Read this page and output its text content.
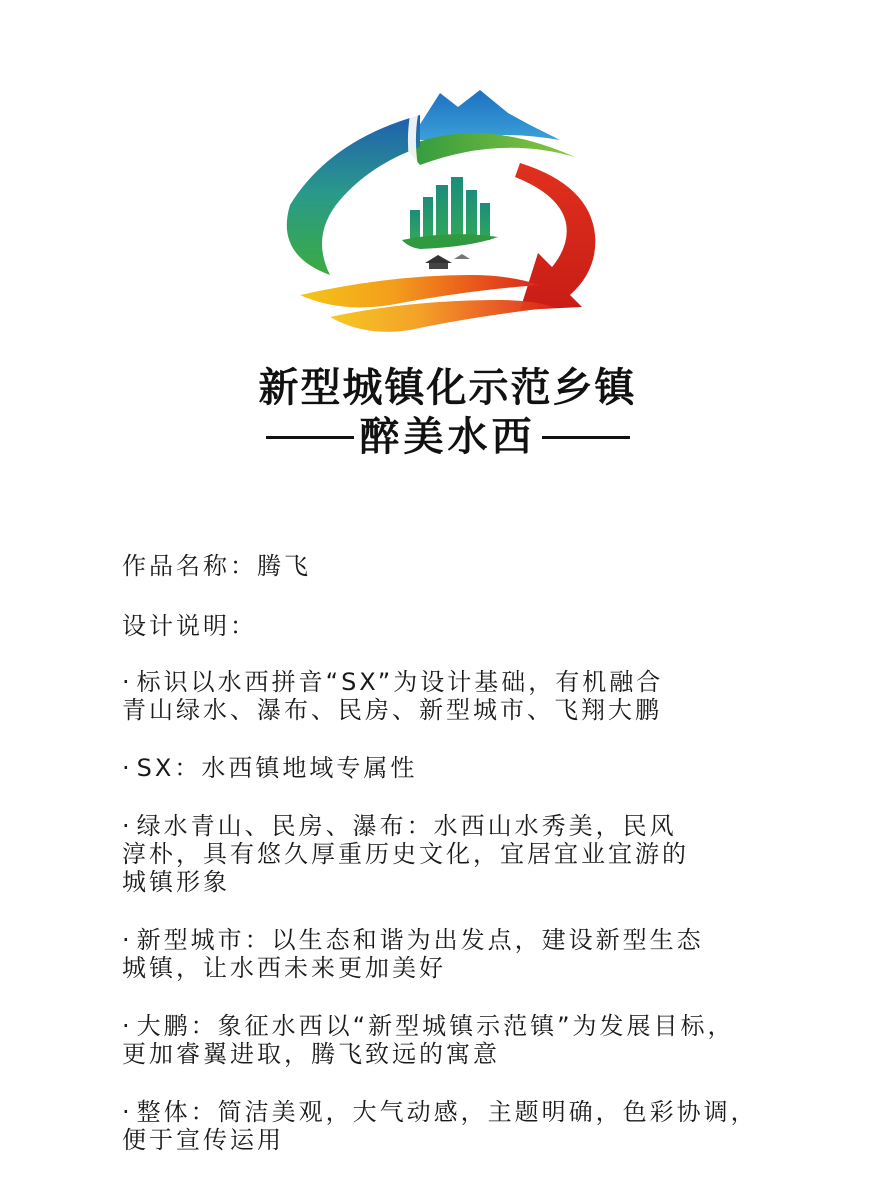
新型城镇化示范乡镇
醉美水西

作品名称：腾飞

设计说明：

· 标识以水西拼音“SX”为设计基础，有机融合

青山绿水、瀑布、民房、新型城市、飞翔大鹏

· SX：水西镇地域专属性

· 绿水青山、民房、瀑布：水西山水秀美，民风

淳朴，具有悠久厚重历史文化，宜居宜业宜游的

城镇形象

· 新型城市：以生态和谐为出发点，建设新型生态

城镇，让水西未来更加美好

· 大鹏：象征水西以“新型城镇示范镇”为发展目标，

更加睿翼进取，腾飞致远的寓意

· 整体：简洁美观，大气动感，主题明确，色彩协调，

便于宣传运用
